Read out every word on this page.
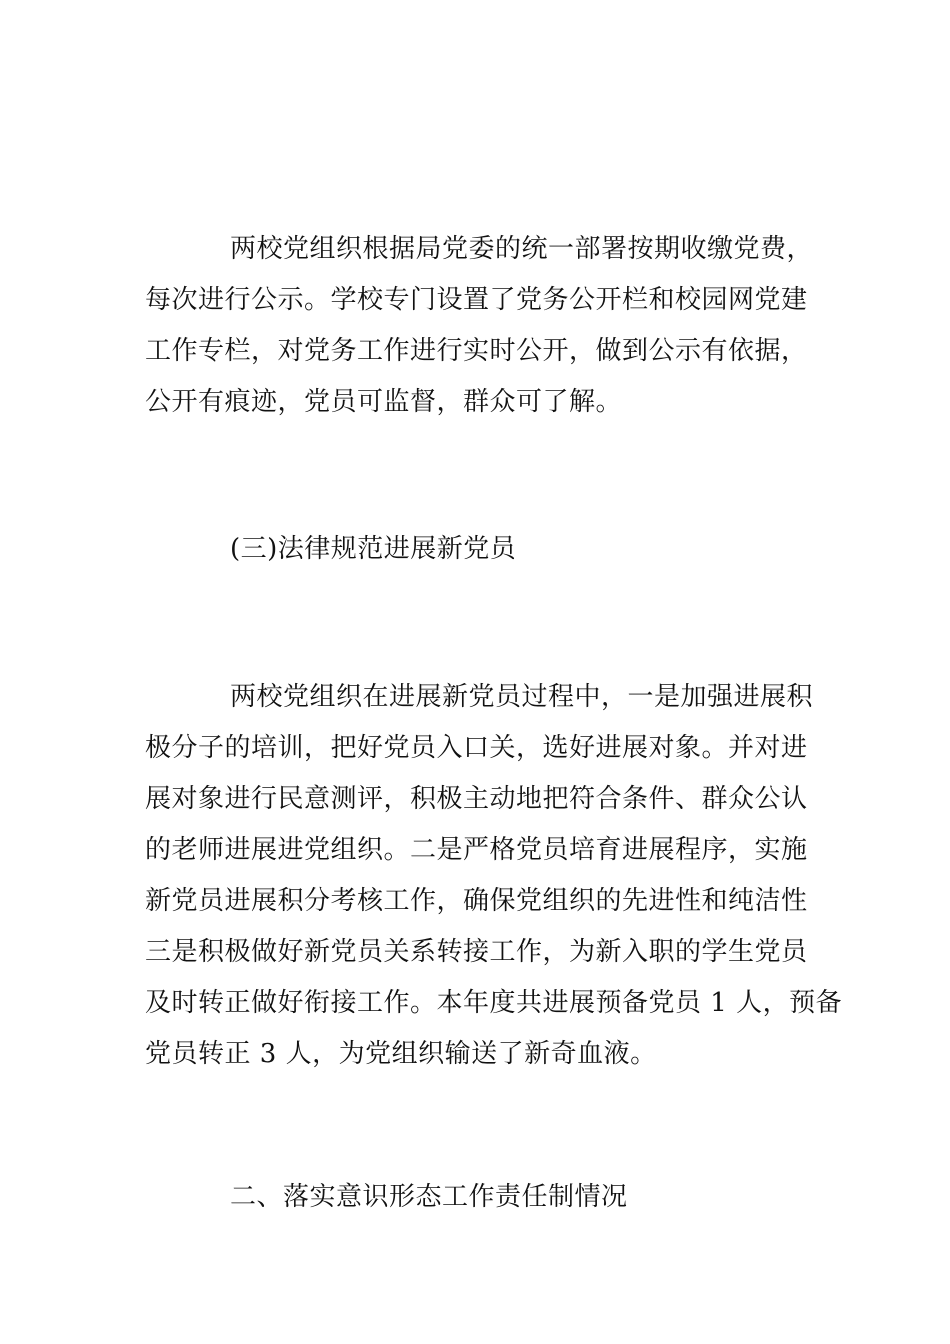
两校党组织根据局党委的统一部署按期收缴党费，
每次进行公示。学校专门设置了党务公开栏和校园网党建
工作专栏，对党务工作进行实时公开，做到公示有依据，
公开有痕迹，党员可监督，群众可了解。
(三)法律规范进展新党员
两校党组织在进展新党员过程中，一是加强进展积
极分子的培训，把好党员入口关，选好进展对象。并对进
展对象进行民意测评，积极主动地把符合条件、群众公认
的老师进展进党组织。二是严格党员培育进展程序，实施
新党员进展积分考核工作，确保党组织的先进性和纯洁性
三是积极做好新党员关系转接工作，为新入职的学生党员
及时转正做好衔接工作。本年度共进展预备党员 1 人，预备
党员转正 3 人，为党组织输送了新奇血液。
二、落实意识形态工作责任制情况
